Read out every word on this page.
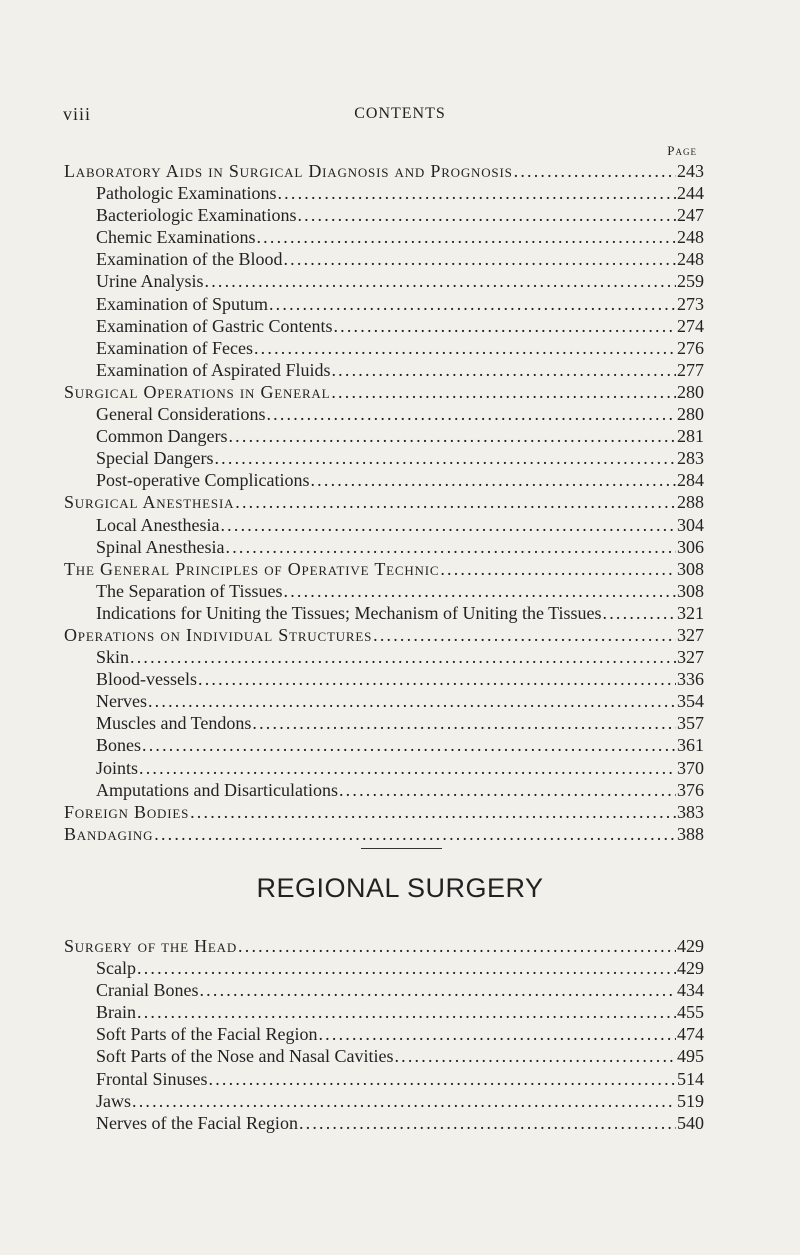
viii	CONTENTS
Page
Laboratory Aids in Surgical Diagnosis and Prognosis .....	243
Pathologic Examinations .....	244
Bacteriologic Examinations .....	247
Chemic Examinations .....	248
Examination of the Blood .....	248
Urine Analysis .....	259
Examination of Sputum .....	273
Examination of Gastric Contents .....	274
Examination of Feces .....	276
Examination of Aspirated Fluids .....	277
Surgical Operations in General .....	280
General Considerations .....	280
Common Dangers .....	281
Special Dangers .....	283
Post-operative Complications .....	284
Surgical Anesthesia .....	288
Local Anesthesia .....	304
Spinal Anesthesia .....	306
The General Principles of Operative Technic .....	308
The Separation of Tissues .....	308
Indications for Uniting the Tissues; Mechanism of Uniting the Tissues .....	321
Operations on Individual Structures .....	327
Skin .....	327
Blood-vessels .....	336
Nerves .....	354
Muscles and Tendons .....	357
Bones .....	361
Joints .....	370
Amputations and Disarticulations .....	376
Foreign Bodies .....	383
Bandaging .....	388
REGIONAL SURGERY
Surgery of the Head .....	429
Scalp .....	429
Cranial Bones .....	434
Brain .....	455
Soft Parts of the Facial Region .....	474
Soft Parts of the Nose and Nasal Cavities .....	495
Frontal Sinuses .....	514
Jaws .....	519
Nerves of the Facial Region .....	540
